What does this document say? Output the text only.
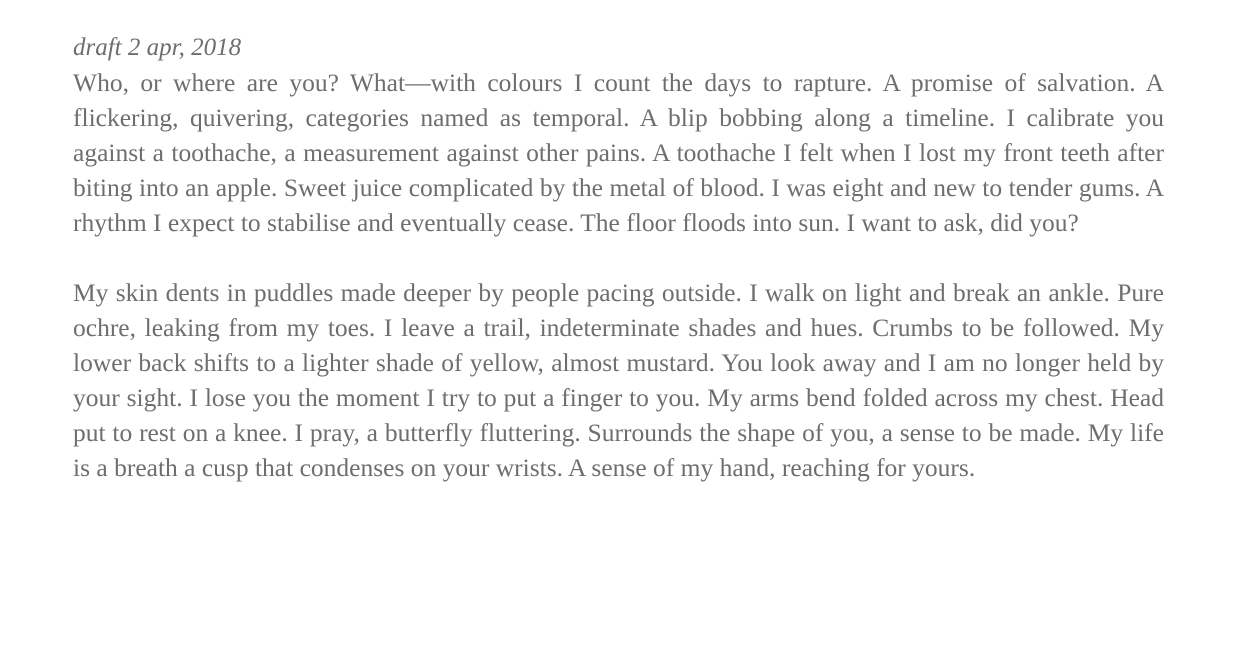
draft 2 apr, 2018

Who, or where are you? What—with colours I count the days to rapture. A promise of salvation. A flickering, quivering, categories named as temporal. A blip bobbing along a timeline. I calibrate you against a toothache, a measurement against other pains. A toothache I felt when I lost my front teeth after biting into an apple. Sweet juice complicated by the metal of blood. I was eight and new to tender gums. A rhythm I expect to stabilise and eventually cease. The floor floods into sun. I want to ask, did you?

My skin dents in puddles made deeper by people pacing outside. I walk on light and break an ankle. Pure ochre, leaking from my toes. I leave a trail, indeterminate shades and hues. Crumbs to be followed. My lower back shifts to a lighter shade of yellow, almost mustard. You look away and I am no longer held by your sight. I lose you the moment I try to put a finger to you. My arms bend folded across my chest. Head put to rest on a knee. I pray, a butterfly fluttering. Surrounds the shape of you, a sense to be made. My life is a breath a cusp that condenses on your wrists. A sense of my hand, reaching for yours.
